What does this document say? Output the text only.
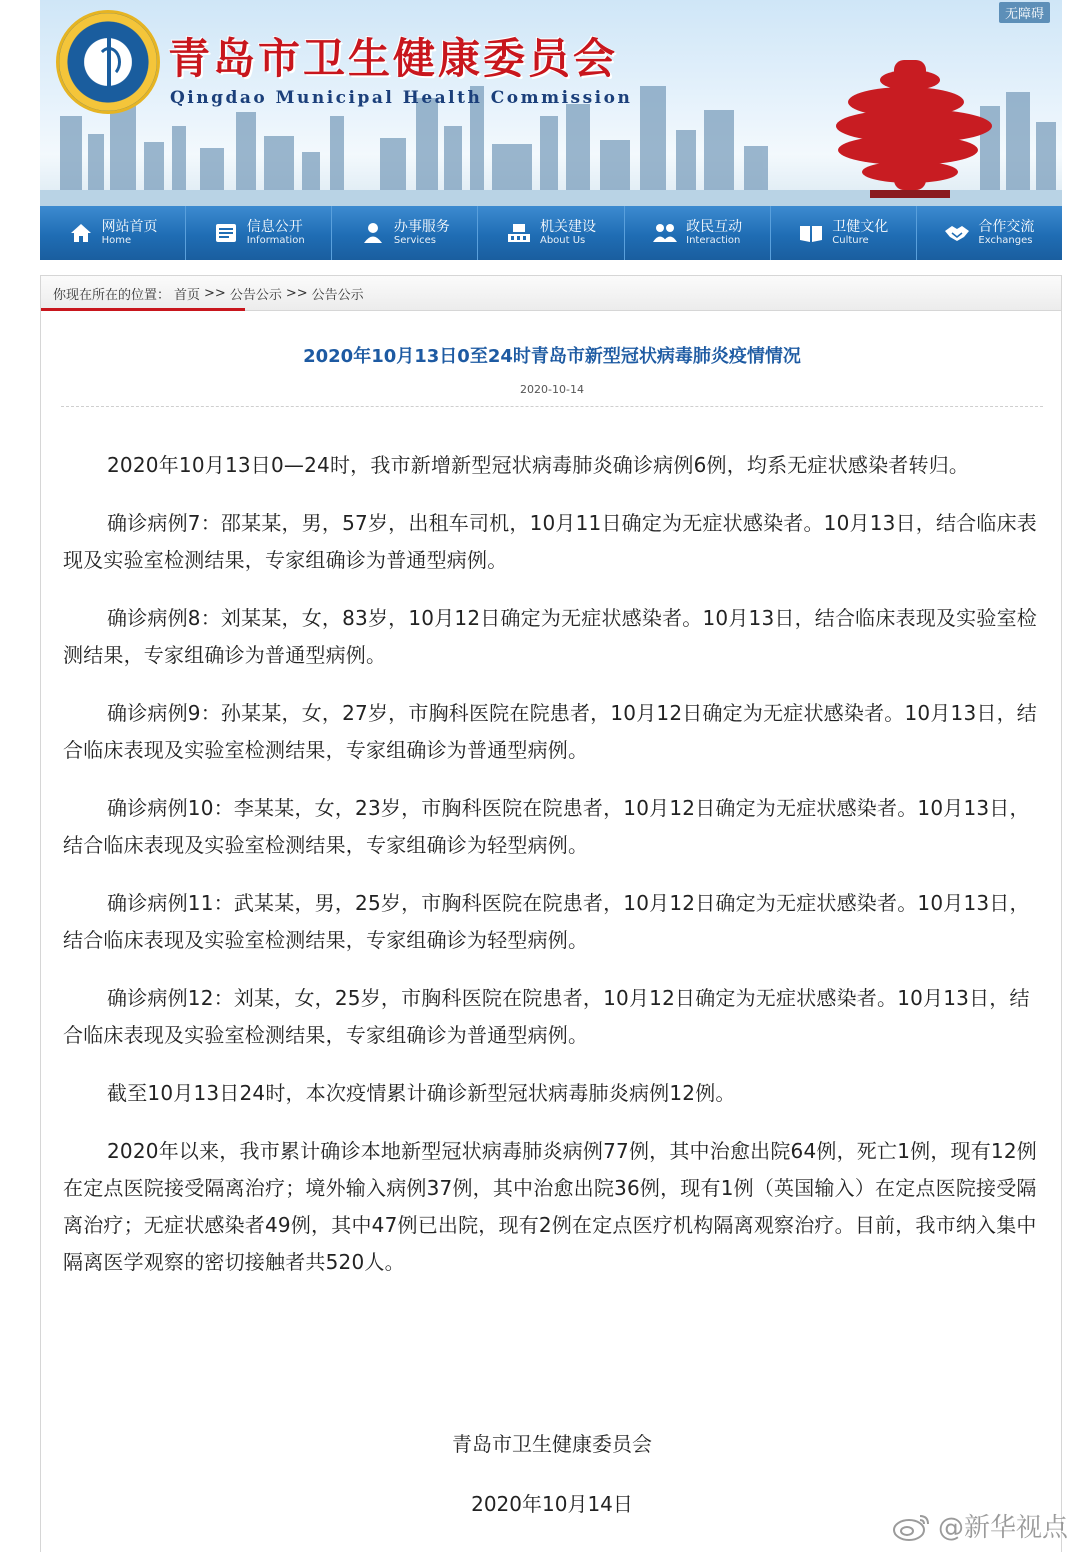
无障碍
青岛市卫生健康委员会
Qingdao Municipal Health Commission
网站首页
Home
信息公开
Information
办事服务
Services
机关建设
About Us
政民互动
Interaction
卫健文化
Culture
合作交流
Exchanges
你现在所在的位置： 首页 >> 公告公示 >> 公告公示
2020年10月13日0至24时青岛市新型冠状病毒肺炎疫情情况
2020-10-14

2020年10月13日0—24时，我市新增新型冠状病毒肺炎确诊病例6例，均系无症状感染者转归。

确诊病例7：邵某某，男，57岁，出租车司机，10月11日确定为无症状感染者。10月13日，结合临床表现及实验室检测结果，专家组确诊为普通型病例。

确诊病例8：刘某某，女，83岁，10月12日确定为无症状感染者。10月13日，结合临床表现及实验室检测结果，专家组确诊为普通型病例。

确诊病例9：孙某某，女，27岁，市胸科医院在院患者，10月12日确定为无症状感染者。10月13日，结合临床表现及实验室检测结果，专家组确诊为普通型病例。

确诊病例10：李某某，女，23岁，市胸科医院在院患者，10月12日确定为无症状感染者。10月13日，结合临床表现及实验室检测结果，专家组确诊为轻型病例。

确诊病例11：武某某，男，25岁，市胸科医院在院患者，10月12日确定为无症状感染者。10月13日，结合临床表现及实验室检测结果，专家组确诊为轻型病例。

确诊病例12：刘某，女，25岁，市胸科医院在院患者，10月12日确定为无症状感染者。10月13日，结合临床表现及实验室检测结果，专家组确诊为普通型病例。

截至10月13日24时，本次疫情累计确诊新型冠状病毒肺炎病例12例。

2020年以来，我市累计确诊本地新型冠状病毒肺炎病例77例，其中治愈出院64例，死亡1例，现有12例在定点医院接受隔离治疗；境外输入病例37例，其中治愈出院36例，现有1例（英国输入）在定点医院接受隔离治疗；无症状感染者49例，其中47例已出院，现有2例在定点医疗机构隔离观察治疗。目前，我市纳入集中隔离医学观察的密切接触者共520人。

青岛市卫生健康委员会
2020年10月14日
@新华视点
